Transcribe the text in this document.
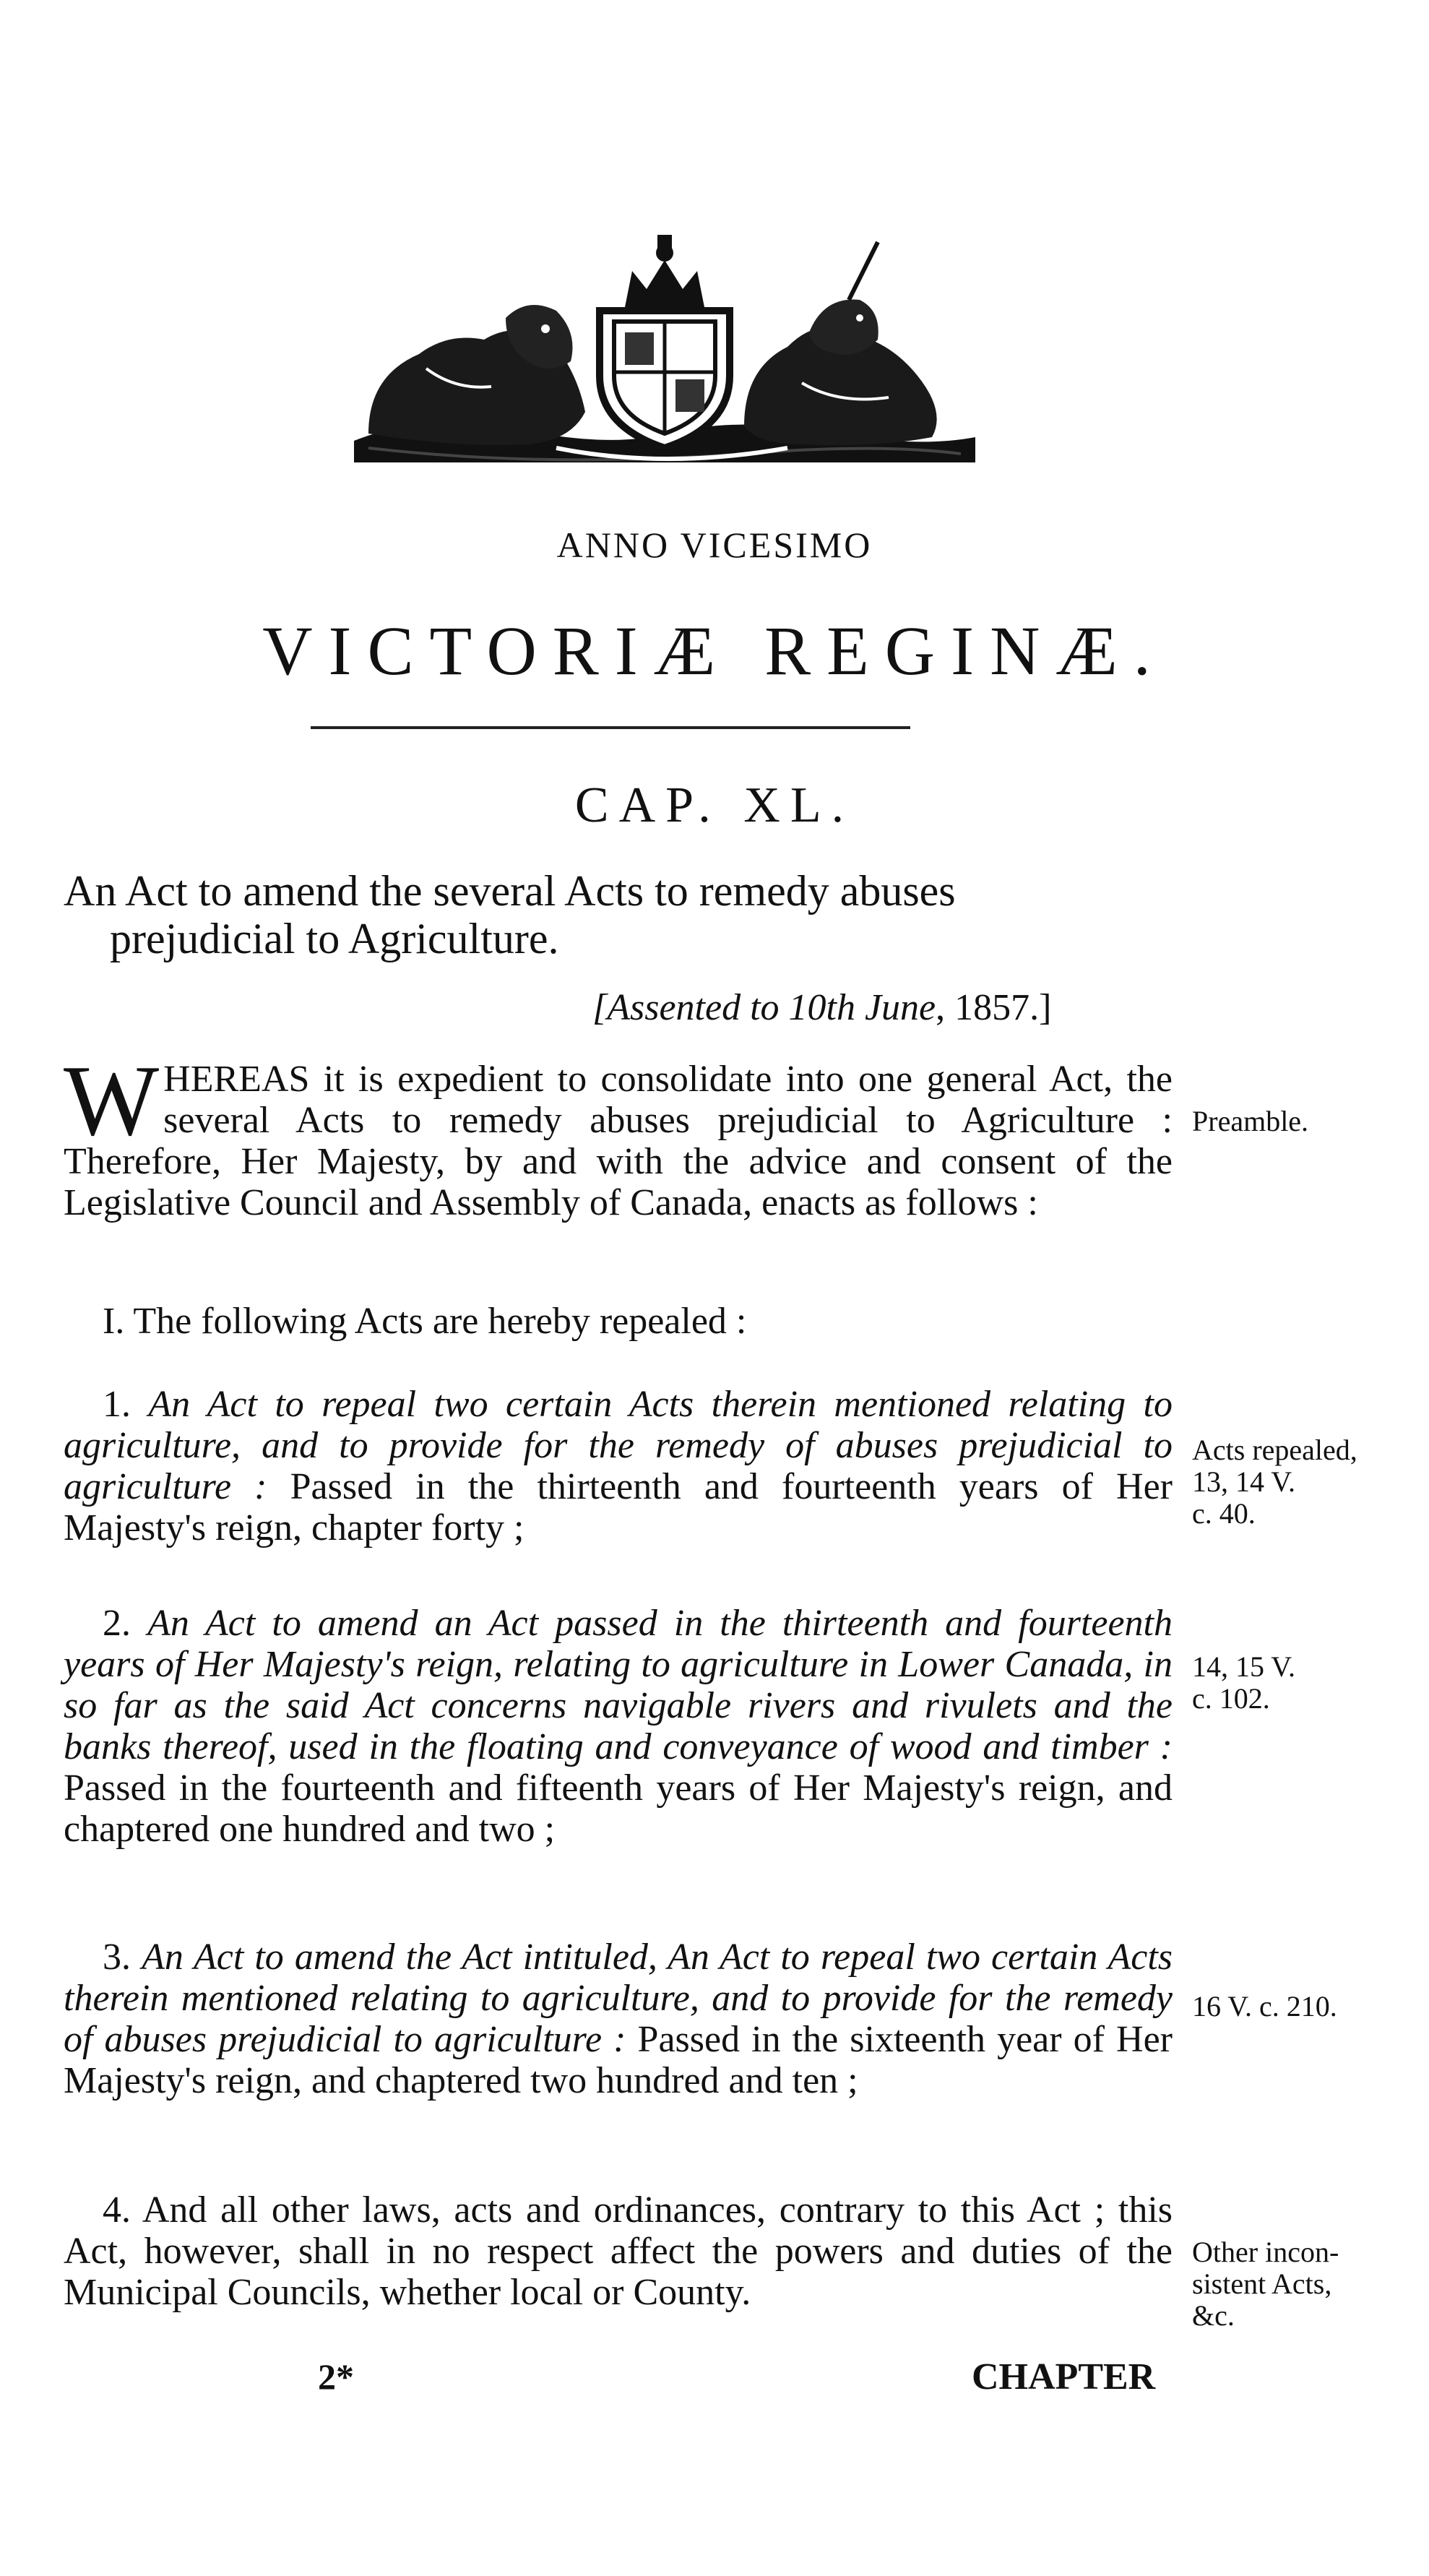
ANNO VICESIMO
VICTORIÆ REGINÆ.
CAP. XL.
An Act to amend the several Acts to remedy abuses
prejudicial to Agriculture.
[Assented to 10th June, 1857.]

WHEREAS it is expedient to consolidate into one general Act, the several Acts to remedy abuses prejudicial to Agriculture : Therefore, Her Majesty, by and with the advice and consent of the Legislative Council and Assembly of Canada, enacts as follows :

I. The following Acts are hereby repealed :

1. An Act to repeal two certain Acts therein mentioned relating to agriculture, and to provide for the remedy of abuses prejudicial to agriculture : Passed in the thirteenth and fourteenth years of Her Majesty's reign, chapter forty ;

2. An Act to amend an Act passed in the thirteenth and fourteenth years of Her Majesty's reign, relating to agriculture in Lower Canada, in so far as the said Act concerns navigable rivers and rivulets and the banks thereof, used in the floating and conveyance of wood and timber : Passed in the fourteenth and fifteenth years of Her Majesty's reign, and chaptered one hundred and two ;

3. An Act to amend the Act intituled, An Act to repeal two certain Acts therein mentioned relating to agriculture, and to provide for the remedy of abuses prejudicial to agriculture : Passed in the sixteenth year of Her Majesty's reign, and chaptered two hundred and ten ;

4. And all other laws, acts and ordinances, contrary to this Act ; this Act, however, shall in no respect affect the powers and duties of the Municipal Councils, whether local or County.

Preamble.
Acts repealed,
13, 14 V.
c. 40.
14, 15 V.
c. 102.
16 V. c. 210.
Other incon-
sistent Acts,
&c.
2*	CHAPTER
